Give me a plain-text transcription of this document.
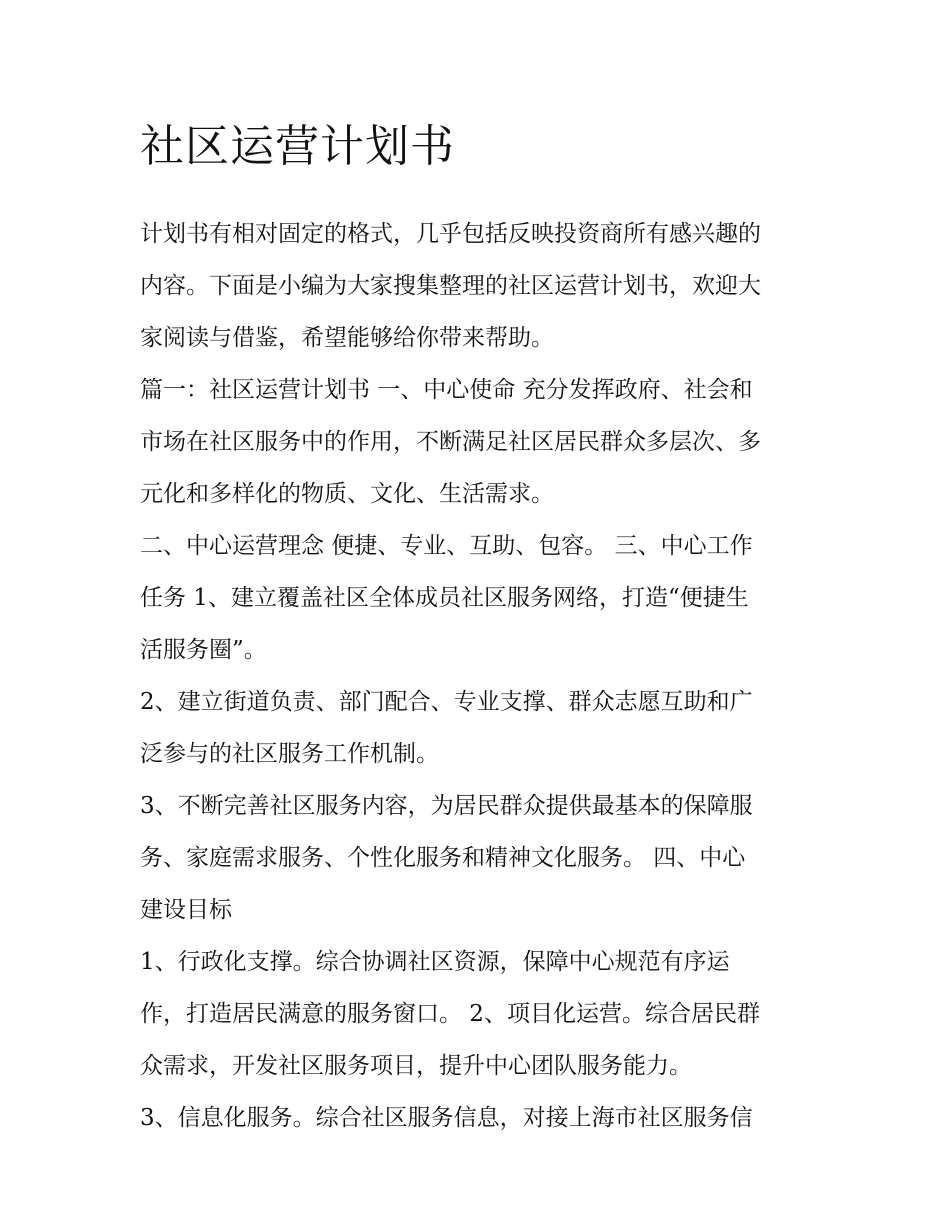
社区运营计划书

计划书有相对固定的格式，几乎包括反映投资商所有感兴趣的

内容。下面是小编为大家搜集整理的社区运营计划书，欢迎大

家阅读与借鉴，希望能够给你带来帮助。

篇一：社区运营计划书 一、中心使命 充分发挥政府、社会和

市场在社区服务中的作用，不断满足社区居民群众多层次、多

元化和多样化的物质、文化、生活需求。

二、中心运营理念 便捷、专业、互助、包容。 三、中心工作

任务 1、建立覆盖社区全体成员社区服务网络，打造“便捷生

活服务圈”。

2、建立街道负责、部门配合、专业支撑、群众志愿互助和广

泛参与的社区服务工作机制。

3、不断完善社区服务内容，为居民群众提供最基本的保障服

务、家庭需求服务、个性化服务和精神文化服务。 四、中心

建设目标

1、行政化支撑。综合协调社区资源，保障中心规范有序运

作，打造居民满意的服务窗口。 2、项目化运营。综合居民群

众需求，开发社区服务项目，提升中心团队服务能力。

3、信息化服务。综合社区服务信息，对接上海市社区服务信
